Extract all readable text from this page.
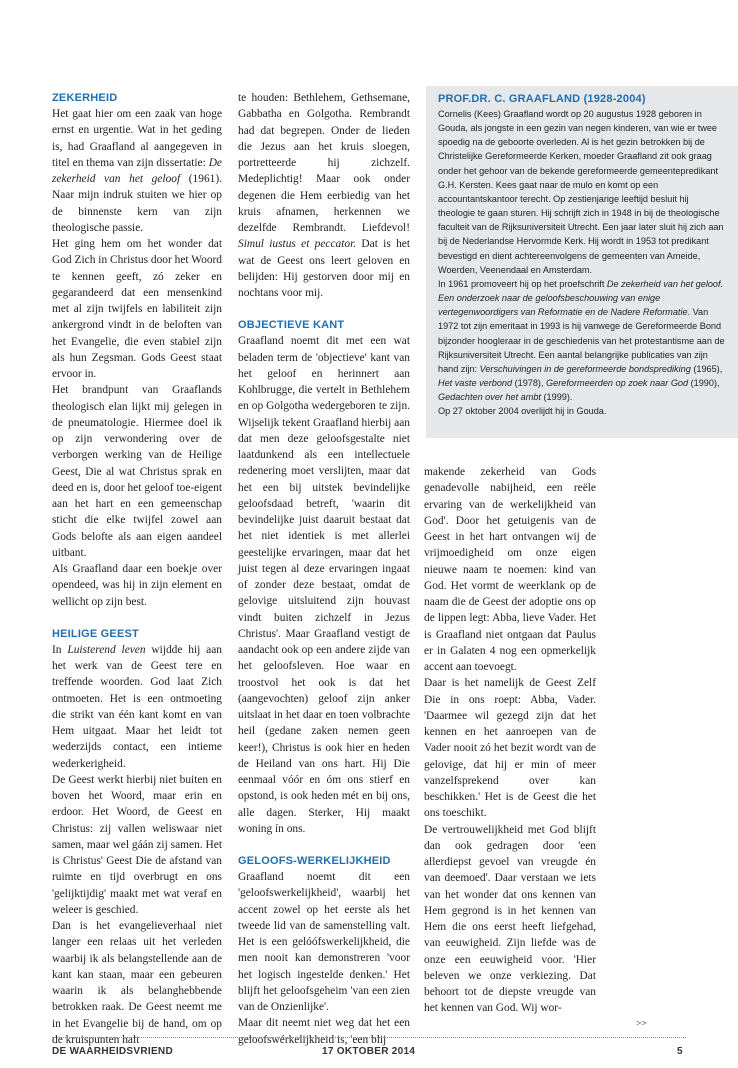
ZEKERHEID

Het gaat hier om een zaak van hoge ernst en urgentie. Wat in het geding is, had Graafland al aangegeven in titel en thema van zijn dissertatie: De zekerheid van het geloof (1961). Naar mijn indruk stuiten we hier op de binnenste kern van zijn theologische passie.

Het ging hem om het wonder dat God Zich in Christus door het Woord te kennen geeft, zó zeker en gegarandeerd dat een mensenkind met al zijn twijfels en labiliteit zijn ankergrond vindt in de beloften van het Evangelie, die even stabiel zijn als hun Zegsman. Gods Geest staat ervoor in.

Het brandpunt van Graaflands theologisch elan lijkt mij gelegen in de pneumatologie. Hiermee doel ik op zijn verwondering over de verborgen werking van de Heilige Geest, Die al wat Christus sprak en deed en is, door het geloof toe-eigent aan het hart en een gemeenschap sticht die elke twijfel zowel aan Gods belofte als aan eigen aandeel uitbant.

Als Graafland daar een boekje over opendeed, was hij in zijn element en wellicht op zijn best.

HEILIGE GEEST

In Luisterend leven wijdde hij aan het werk van de Geest tere en treffende woorden. God laat Zich ontmoeten. Het is een ontmoeting die strikt van één kant komt en van Hem uitgaat. Maar het leidt tot wederzijds contact, een intieme wederkerigheid.

De Geest werkt hierbij niet buiten en boven het Woord, maar erin en erdoor. Het Woord, de Geest en Christus: zij vallen weliswaar niet samen, maar wel gáán zij samen. Het is Christus' Geest Die de afstand van ruimte en tijd overbrugt en ons 'gelijktijdig' maakt met wat veraf en weleer is geschied.

Dan is het evangelieverhaal niet langer een relaas uit het verleden waarbij ik als belangstellende aan de kant kan staan, maar een gebeuren waarin ik als belanghebbende betrokken raak. De Geest neemt me in het Evangelie bij de hand, om op de kruispunten halt

te houden: Bethlehem, Gethsemane, Gabbatha en Golgotha. Rembrandt had dat begrepen. Onder de lieden die Jezus aan het kruis sloegen, portretteerde hij zichzelf. Medeplichtig! Maar ook onder degenen die Hem eerbiedig van het kruis afnamen, herkennen we dezelfde Rembrandt. Liefdevol! Simul iustus et peccator. Dat is het wat de Geest ons leert geloven en belijden: Hij gestorven door mij en nochtans voor mij.

OBJECTIEVE KANT

Graafland noemt dit met een wat beladen term de 'objectieve' kant van het geloof en herinnert aan Kohlbrugge, die vertelt in Bethlehem en op Golgotha wedergeboren te zijn. Wijselijk tekent Graafland hierbij aan dat men deze geloofsgestalte niet laatdunkend als een intellectuele redenering moet verslijten, maar dat het een bij uitstek bevindelijke geloofsdaad betreft, 'waarin dit bevindelijke juist daaruit bestaat dat het niet identiek is met allerlei geestelijke ervaringen, maar dat het juist tegen al deze ervaringen ingaat of zonder deze bestaat, omdat de gelovige uitsluitend zijn houvast vindt buiten zichzelf in Jezus Christus'. Maar Graafland vestigt de aandacht ook op een andere zijde van het geloofsleven. Hoe waar en troostvol het ook is dat het (aangevochten) geloof zijn anker uitslaat in het daar en toen volbrachte heil (gedane zaken nemen geen keer!), Christus is ook hier en heden de Heiland van ons hart. Hij Die eenmaal vóór en óm ons stierf en opstond, is ook heden mét en bij ons, alle dagen. Sterker, Hij maakt woning ín ons.

GELOOFS-WERKELIJKHEID

Graafland noemt dit een 'geloofswerkelijkheid', waarbij het accent zowel op het eerste als het tweede lid van de samenstelling valt. Het is een gelóófswerkelijkheid, die men nooit kan demonstreren 'voor het logisch ingestelde denken.' Het blijft het geloofsgeheim 'van een zien van de Onzienlijke'.

Maar dit neemt niet weg dat het een geloofswérkelijkheid is, 'een blij

PROF.DR. C. GRAAFLAND (1928-2004)

Cornelis (Kees) Graafland wordt op 20 augustus 1928 geboren in Gouda, als jongste in een gezin van negen kinderen, van wie er twee spoedig na de geboorte overleden. Al is het gezin betrokken bij de Christelijke Gereformeerde Kerken, moeder Graafland zit ook graag onder het gehoor van de bekende gereformeerde gemeentepredikant G.H. Kersten. Kees gaat naar de mulo en komt op een accountantskantoor terecht. Op zestienjarige leeftijd besluit hij theologie te gaan sturen. Hij schrijft zich in 1948 in bij de theologische faculteit van de Rijksuniversiteit Utrecht. Een jaar later sluit hij zich aan bij de Nederlandse Hervormde Kerk. Hij wordt in 1953 tot predikant bevestigd en dient achtereenvolgens de gemeenten van Ameide, Woerden, Veenendaal en Amsterdam.

In 1961 promoveert hij op het proefschrift De zekerheid van het geloof. Een onderzoek naar de geloofsbeschouwing van enige vertegenwoordigers van Reformatie en de Nadere Reformatie. Van 1972 tot zijn emeritaat in 1993 is hij vanwege de Gereformeerde Bond bijzonder hoogleraar in de geschiedenis van het protestantisme aan de Rijksuniversiteit Utrecht. Een aantal belangrijke publicaties van zijn hand zijn: Verschuivingen in de gereformeerde bondsprediking (1965), Het vaste verbond (1978), Gereformeerden op zoek naar God (1990), Gedachten over het ambt (1999).

Op 27 oktober 2004 overlijdt hij in Gouda.

makende zekerheid van Gods genadevolle nabijheid, een reële ervaring van de werkelijkheid van God'. Door het getuigenis van de Geest in het hart ontvangen wij de vrijmoedigheid om onze eigen nieuwe naam te noemen: kind van God. Het vormt de weerklank op de naam die de Geest der adoptie ons op de lippen legt: Abba, lieve Vader. Het is Graafland niet ontgaan dat Paulus er in Galaten 4 nog een opmerkelijk accent aan toevoegt.

Daar is het namelijk de Geest Zelf Die in ons roept: Abba, Vader. 'Daarmee wil gezegd zijn dat het kennen en het aanroepen van de Vader nooit zó het bezit wordt van de gelovige, dat hij er min of meer vanzelfsprekend over kan beschikken.' Het is de Geest die het ons toeschikt.

De vertrouwelijkheid met God blijft dan ook gedragen door 'een allerdiepst gevoel van vreugde én van deemoed'. Daar verstaan we iets van het wonder dat ons kennen van Hem gegrond is in het kennen van Hem die ons eerst heeft liefgehad, van eeuwigheid. Zijn liefde was de onze een eeuwigheid voor. 'Hier beleven we onze verkiezing. Dat behoort tot de diepste vreugde van het kennen van God. Wij wor-

>>
DE WAARHEIDSVRIEND	17 OKTOBER 2014	5
